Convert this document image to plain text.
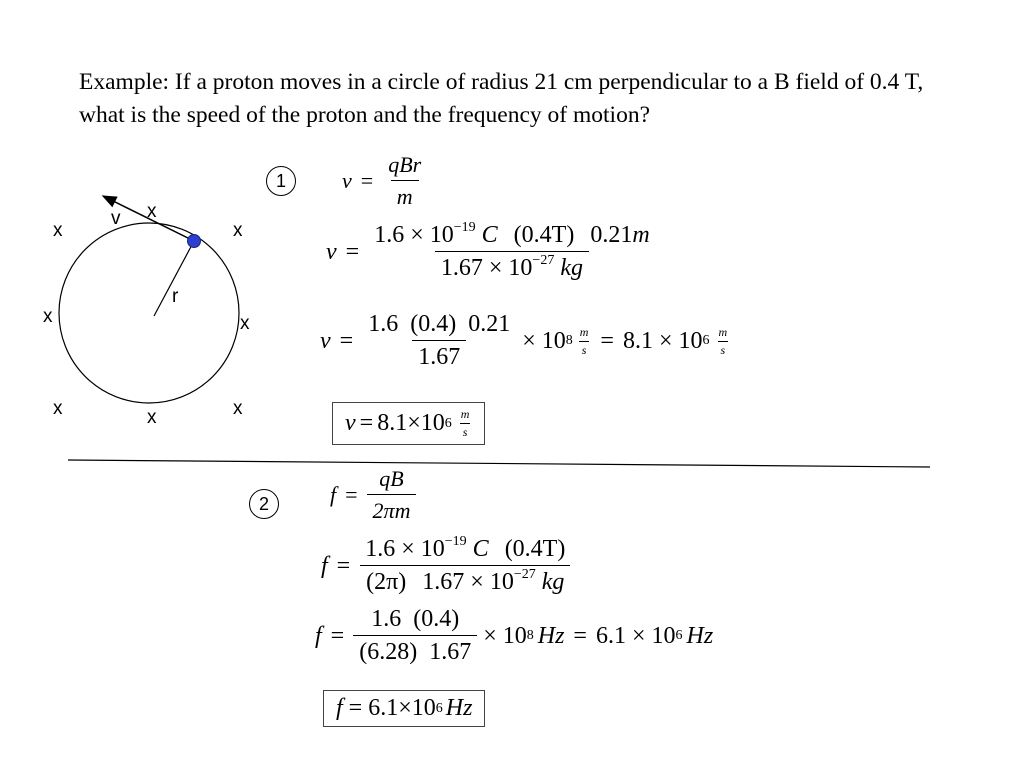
Example: If a proton moves in a circle of radius 21 cm perpendicular to a B field of 0.4 T, what is the speed of the proton and the frequency of motion?
x
x
x
x	x
x	x	x
v
r
1	$v = \frac{\text{qBr}}{m}$
$v = \frac{1.6 \times 10^{-19} C (0.4T) 0.21m}{1.67 \times 10^{-27} kg}$
$v = \frac{1.6 (0.4) 0.21}{1.67} \times 10$ $8 \frac{m}{s} = 8.1 \times 10$ $6 \frac{m}{s}$
v = 8.1×10 $6 \frac{m}{s}$
2	$f = \frac{qB}{2\pi m}$
$f = \frac{1.6 \times 10^{-19} C (0.4T)}{(2\pi) 1.67 \times 10^{-27} kg}$
$f = \frac{1.6 (0.4)}{(6.28) 1.67} \times 10$ 8 Hz = 6.1 × 10 6 Hz
f = 6.1×10 6 Hz
